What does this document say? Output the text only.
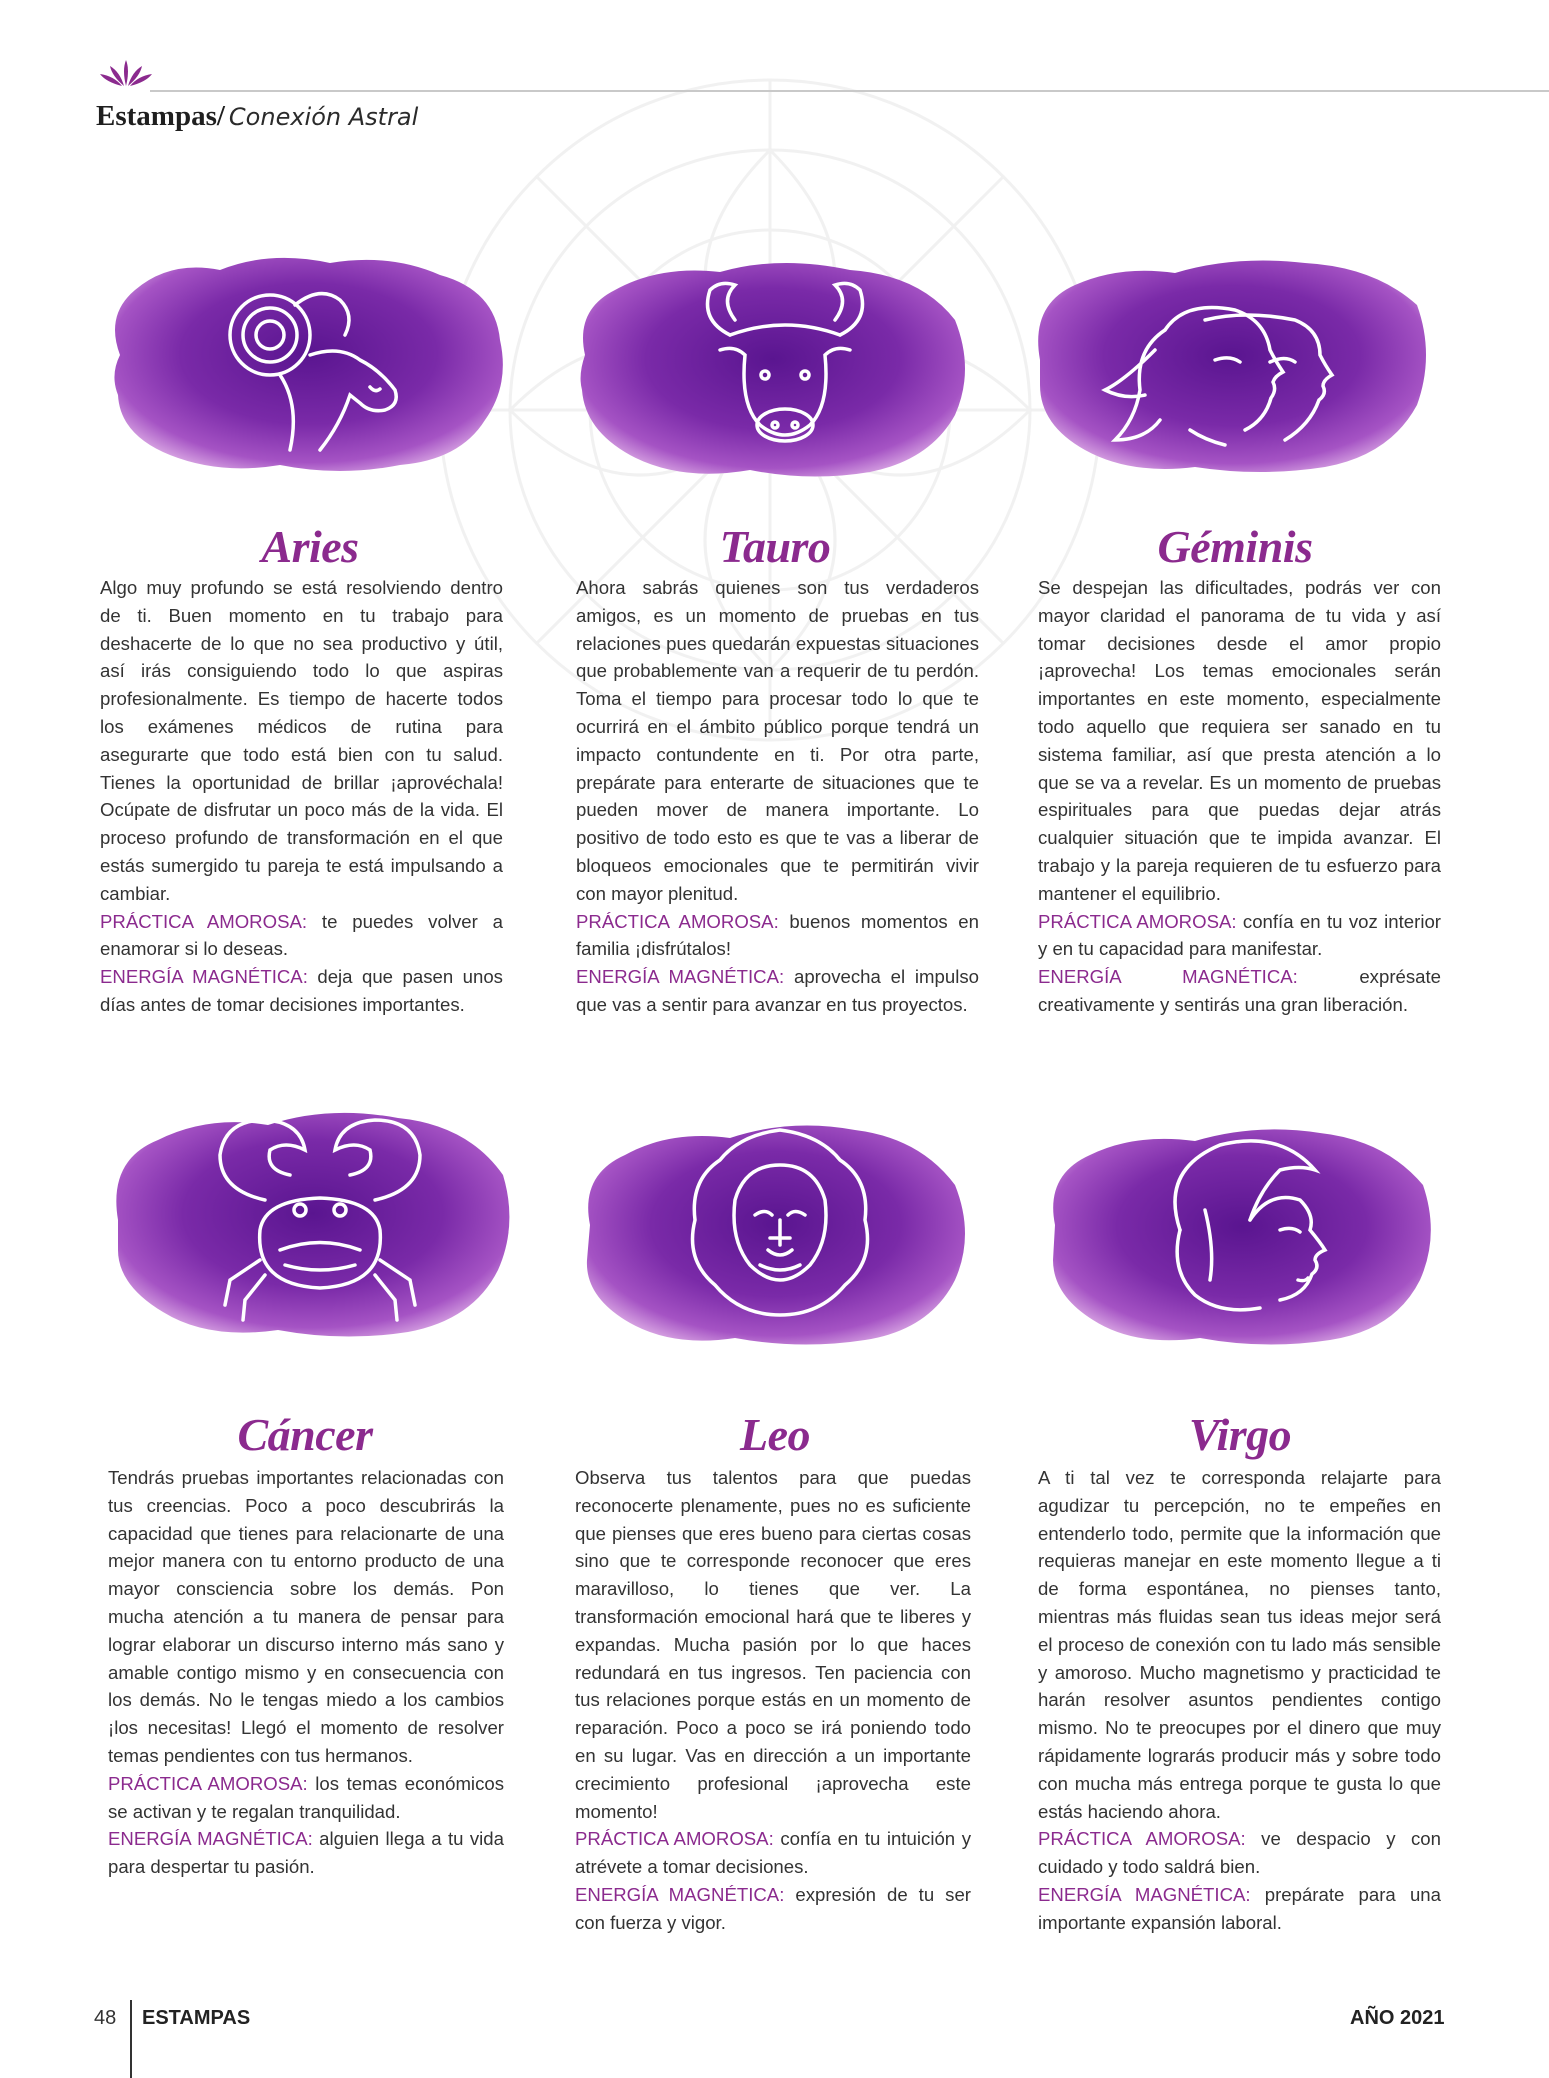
Estampas/ Conexión Astral
Aries

Algo muy profundo se está resolviendo dentro de ti. Buen momento en tu trabajo para deshacerte de lo que no sea productivo y útil, así irás consiguiendo todo lo que aspiras profesionalmente. Es tiempo de hacerte todos los exámenes médicos de rutina para asegurarte que todo está bien con tu salud. Tienes la oportunidad de brillar ¡aprovéchala! Ocúpate de disfrutar un poco más de la vida. El proceso profundo de transformación en el que estás sumergido tu pareja te está impulsando a cambiar.

PRÁCTICA AMOROSA: te puedes volver a enamorar si lo deseas.

ENERGÍA MAGNÉTICA: deja que pasen unos días antes de tomar decisiones importantes.

Tauro

Ahora sabrás quienes son tus verdaderos amigos, es un momento de pruebas en tus relaciones pues quedarán expuestas situaciones que probablemente van a requerir de tu perdón. Toma el tiempo para procesar todo lo que te ocurrirá en el ámbito público porque tendrá un impacto contundente en ti. Por otra parte, prepárate para enterarte de situaciones que te pueden mover de manera importante. Lo positivo de todo esto es que te vas a liberar de bloqueos emocionales que te permitirán vivir con mayor plenitud.

PRÁCTICA AMOROSA: buenos momentos en familia ¡disfrútalos!

ENERGÍA MAGNÉTICA: aprovecha el impulso que vas a sentir para avanzar en tus proyectos.

Géminis

Se despejan las dificultades, podrás ver con mayor claridad el panorama de tu vida y así tomar decisiones desde el amor propio ¡aprovecha! Los temas emocionales serán importantes en este momento, especialmente todo aquello que requiera ser sanado en tu sistema familiar, así que presta atención a lo que se va a revelar. Es un momento de pruebas espirituales para que puedas dejar atrás cualquier situación que te impida avanzar. El trabajo y la pareja requieren de tu esfuerzo para mantener el equilibrio.

PRÁCTICA AMOROSA: confía en tu voz interior y en tu capacidad para manifestar.

ENERGÍA MAGNÉTICA: exprésate creativamente y sentirás una gran liberación.

Cáncer

Tendrás pruebas importantes relacionadas con tus creencias. Poco a poco descubrirás la capacidad que tienes para relacionarte de una mejor manera con tu entorno producto de una mayor consciencia sobre los demás. Pon mucha atención a tu manera de pensar para lograr elaborar un discurso interno más sano y amable contigo mismo y en consecuencia con los demás. No le tengas miedo a los cambios ¡los necesitas! Llegó el momento de resolver temas pendientes con tus hermanos.

PRÁCTICA AMOROSA: los temas económicos se activan y te regalan tranquilidad.

ENERGÍA MAGNÉTICA: alguien llega a tu vida para despertar tu pasión.

Leo

Observa tus talentos para que puedas reconocerte plenamente, pues no es suficiente que pienses que eres bueno para ciertas cosas sino que te corresponde reconocer que eres maravilloso, lo tienes que ver. La transformación emocional hará que te liberes y expandas. Mucha pasión por lo que haces redundará en tus ingresos. Ten paciencia con tus relaciones porque estás en un momento de reparación. Poco a poco se irá poniendo todo en su lugar. Vas en dirección a un importante crecimiento profesional ¡aprovecha este momento!

PRÁCTICA AMOROSA: confía en tu intuición y atrévete a tomar decisiones.

ENERGÍA MAGNÉTICA: expresión de tu ser con fuerza y vigor.

Virgo

A ti tal vez te corresponda relajarte para agudizar tu percepción, no te empeñes en entenderlo todo, permite que la información que requieras manejar en este momento llegue a ti de forma espontánea, no pienses tanto, mientras más fluidas sean tus ideas mejor será el proceso de conexión con tu lado más sensible y amoroso. Mucho magnetismo y practicidad te harán resolver asuntos pendientes contigo mismo. No te preocupes por el dinero que muy rápidamente lograrás producir más y sobre todo con mucha más entrega porque te gusta lo que estás haciendo ahora.

PRÁCTICA AMOROSA: ve despacio y con cuidado y todo saldrá bien.

ENERGÍA MAGNÉTICA: prepárate para una importante expansión laboral.

48 ESTAMPAS	AÑO 2021
